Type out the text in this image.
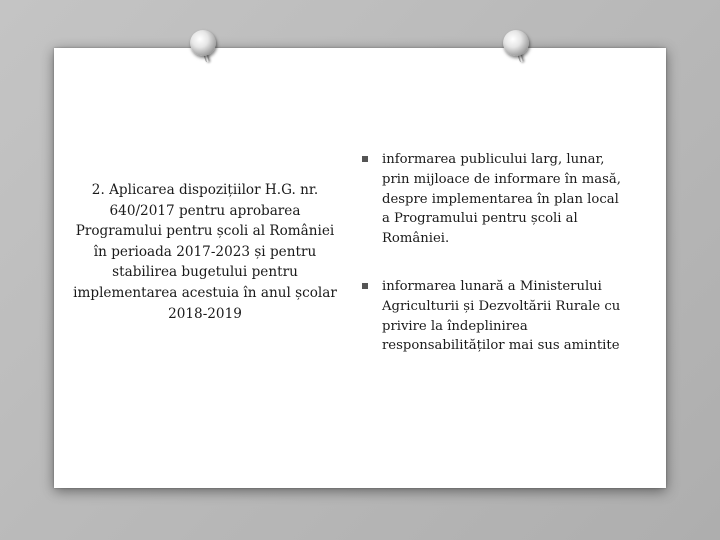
2. Aplicarea dispozițiilor H.G. nr. 640/2017 pentru aprobarea Programului pentru școli al României în perioada 2017-2023 și pentru stabilirea bugetului pentru implementarea acestuia în anul școlar 2018-2019
informarea publicului larg, lunar, prin mijloace de informare în masă, despre implementarea în plan local a Programului pentru școli al României.
informarea lunară a Ministerului Agriculturii și Dezvoltării Rurale cu privire la îndeplinirea responsabilităților mai sus amintite
